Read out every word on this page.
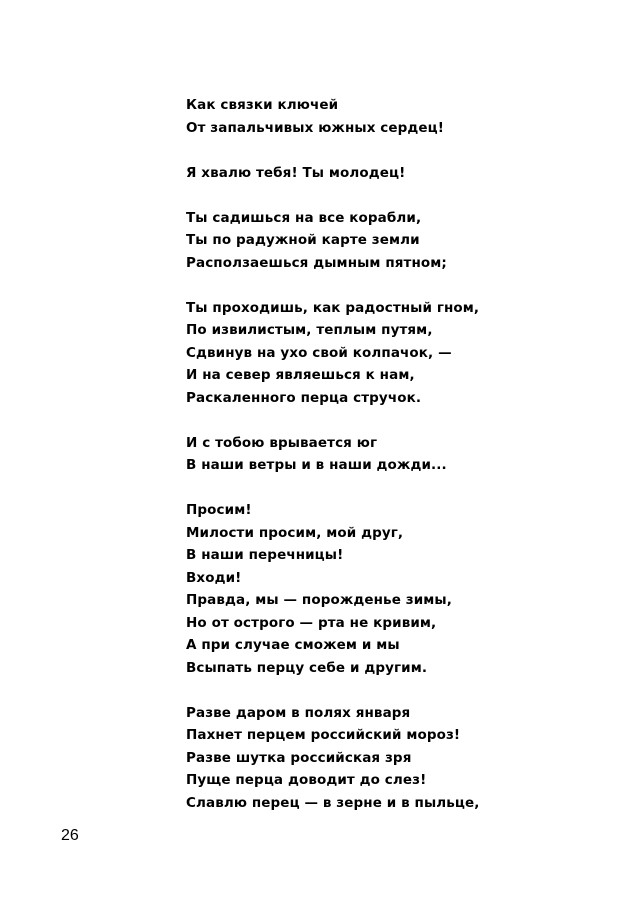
Как связки ключей
От запальчивых южных сердец!
Я хвалю тебя! Ты молодец!
Ты садишься на все корабли,
Ты по радужной карте земли
Расползаешься дымным пятном;
Ты проходишь, как радостный гном,
По извилистым, теплым путям,
Сдвинув на ухо свой колпачок, —
И на север являешься к нам,
Раскаленного перца стручок.
И с тобою врывается юг
В наши ветры и в наши дожди...
Просим!
Милости просим, мой друг,
В наши перечницы!
Входи!
Правда, мы — порожденье зимы,
Но от острого — рта не кривим,
А при случае сможем и мы
Всыпать перцу себе и другим.
Разве даром в полях января
Пахнет перцем российский мороз!
Разве шутка российская зря
Пуще перца доводит до слез!
Славлю перец — в зерне и в пыльце,
26
